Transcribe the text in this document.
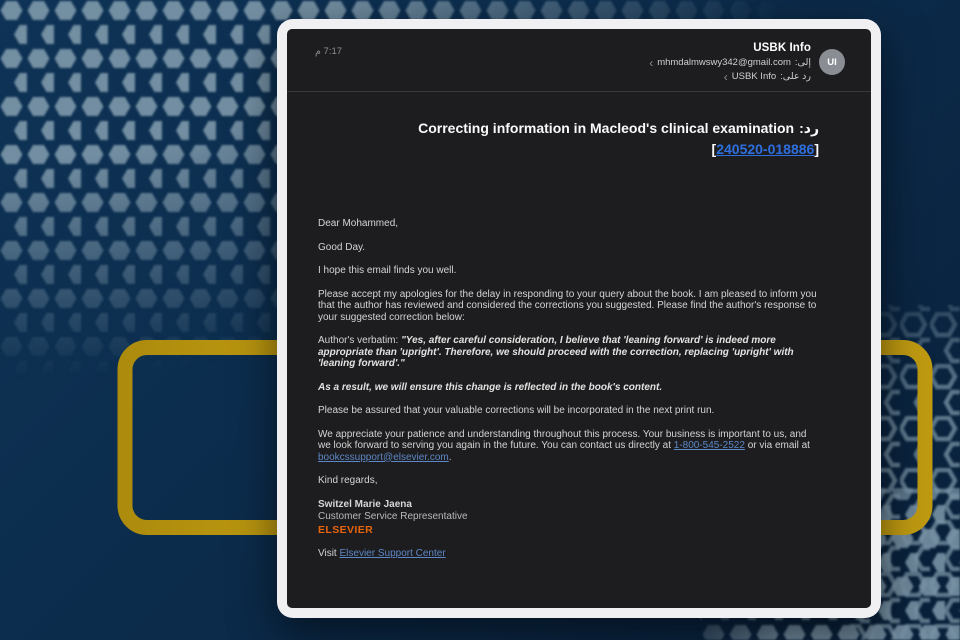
7:17 م	USBK Info
‹ mhmdalmwswy342@gmail.com إلى:
‹ USBK Info رد على:
UI
Correcting information in Macleod's clinical examination رد:
[240520-018886]

Dear Mohammed,

Good Day.

I hope this email finds you well.

Please accept my apologies for the delay in responding to your query about the book. I am pleased to inform you that the author has reviewed and considered the corrections you suggested. Please find the author's response to your suggested correction below:

Author's verbatim: "Yes, after careful consideration, I believe that 'leaning forward' is indeed more appropriate than 'upright'. Therefore, we should proceed with the correction, replacing 'upright' with 'leaning forward'."

As a result, we will ensure this change is reflected in the book's content.

Please be assured that your valuable corrections will be incorporated in the next print run.

We appreciate your patience and understanding throughout this process. Your business is important to us, and we look forward to serving you again in the future. You can contact us directly at 1-800-545-2522 or via email at bookcssupport@elsevier.com.

Kind regards,

Switzel Marie Jaena
Customer Service Representative
ELSEVIER

Visit Elsevier Support Center
